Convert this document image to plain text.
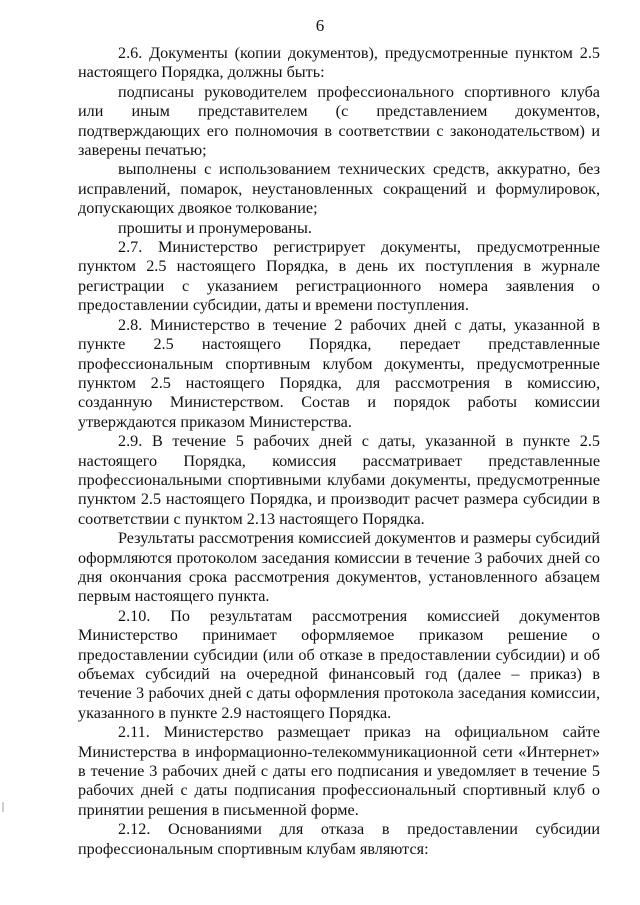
6

2.6. Документы (копии документов), предусмотренные пунктом 2.5 настоящего Порядка, должны быть:

подписаны руководителем профессионального спортивного клуба или иным представителем (с представлением документов, подтверждающих его полномочия в соответствии с законодательством) и заверены печатью;

выполнены с использованием технических средств, аккуратно, без исправлений, помарок, неустановленных сокращений и формулировок, допускающих двоякое толкование;

прошиты и пронумерованы.

2.7. Министерство регистрирует документы, предусмотренные пунктом 2.5 настоящего Порядка, в день их поступления в журнале регистрации с указанием регистрационного номера заявления о предоставлении субсидии, даты и времени поступления.

2.8. Министерство в течение 2 рабочих дней с даты, указанной в пункте 2.5 настоящего Порядка, передает представленные профессиональным спортивным клубом документы, предусмотренные пунктом 2.5 настоящего Порядка, для рассмотрения в комиссию, созданную Министерством. Состав и порядок работы комиссии утверждаются приказом Министерства.

2.9. В течение 5 рабочих дней с даты, указанной в пункте 2.5 настоящего Порядка, комиссия рассматривает представленные профессиональными спортивными клубами документы, предусмотренные пунктом 2.5 настоящего Порядка, и производит расчет размера субсидии в соответствии с пунктом 2.13 настоящего Порядка.

Результаты рассмотрения комиссией документов и размеры субсидий оформляются протоколом заседания комиссии в течение 3 рабочих дней со дня окончания срока рассмотрения документов, установленного абзацем первым настоящего пункта.

2.10. По результатам рассмотрения комиссией документов Министерство принимает оформляемое приказом решение о предоставлении субсидии (или об отказе в предоставлении субсидии) и об объемах субсидий на очередной финансовый год (далее – приказ) в течение 3 рабочих дней с даты оформления протокола заседания комиссии, указанного в пункте 2.9 настоящего Порядка.

2.11. Министерство размещает приказ на официальном сайте Министерства в информационно-телекоммуникационной сети «Интернет» в течение 3 рабочих дней с даты его подписания и уведомляет в течение 5 рабочих дней с даты подписания профессиональный спортивный клуб о принятии решения в письменной форме.

2.12. Основаниями для отказа в предоставлении субсидии профессиональным спортивным клубам являются:
